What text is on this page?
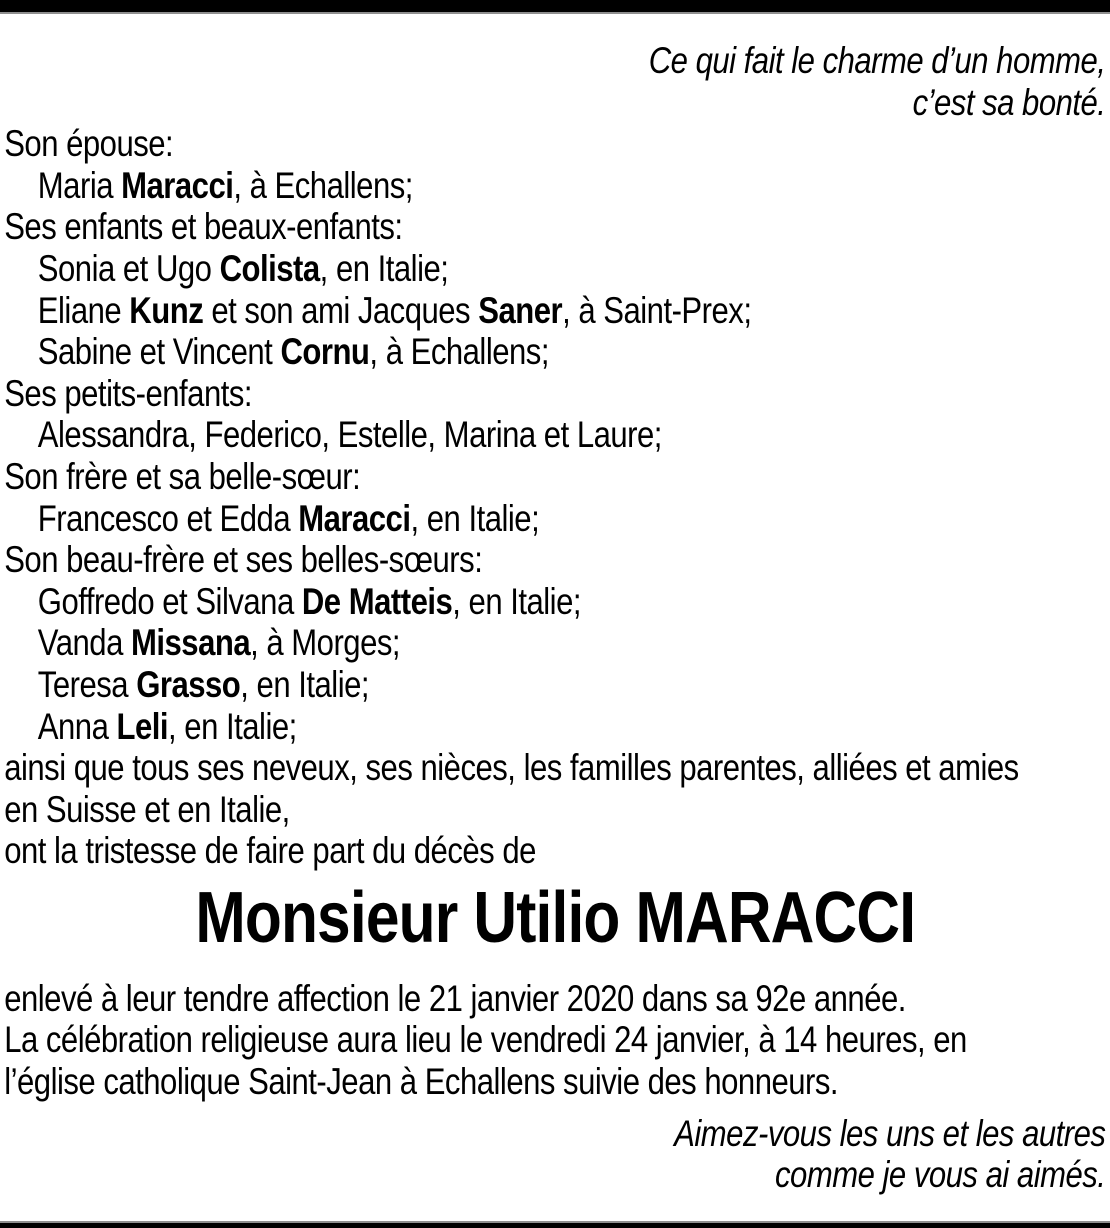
Ce qui fait le charme d’un homme,
c’est sa bonté.
Son épouse:
Maria Maracci, à Echallens;
Ses enfants et beaux-enfants:
Sonia et Ugo Colista, en Italie;
Eliane Kunz et son ami Jacques Saner, à Saint-Prex;
Sabine et Vincent Cornu, à Echallens;
Ses petits-enfants:
Alessandra, Federico, Estelle, Marina et Laure;
Son frère et sa belle-sœur:
Francesco et Edda Maracci, en Italie;
Son beau-frère et ses belles-sœurs:
Goffredo et Silvana De Matteis, en Italie;
Vanda Missana, à Morges;
Teresa Grasso, en Italie;
Anna Leli, en Italie;
ainsi que tous ses neveux, ses nièces, les familles parentes, alliées et amies
en Suisse et en Italie,
ont la tristesse de faire part du décès de
Monsieur Utilio MARACCI
enlevé à leur tendre affection le 21 janvier 2020 dans sa 92e année.
La célébration religieuse aura lieu le vendredi 24 janvier, à 14 heures, en
l’église catholique Saint-Jean à Echallens suivie des honneurs.
Aimez-vous les uns et les autres
comme je vous ai aimés.
